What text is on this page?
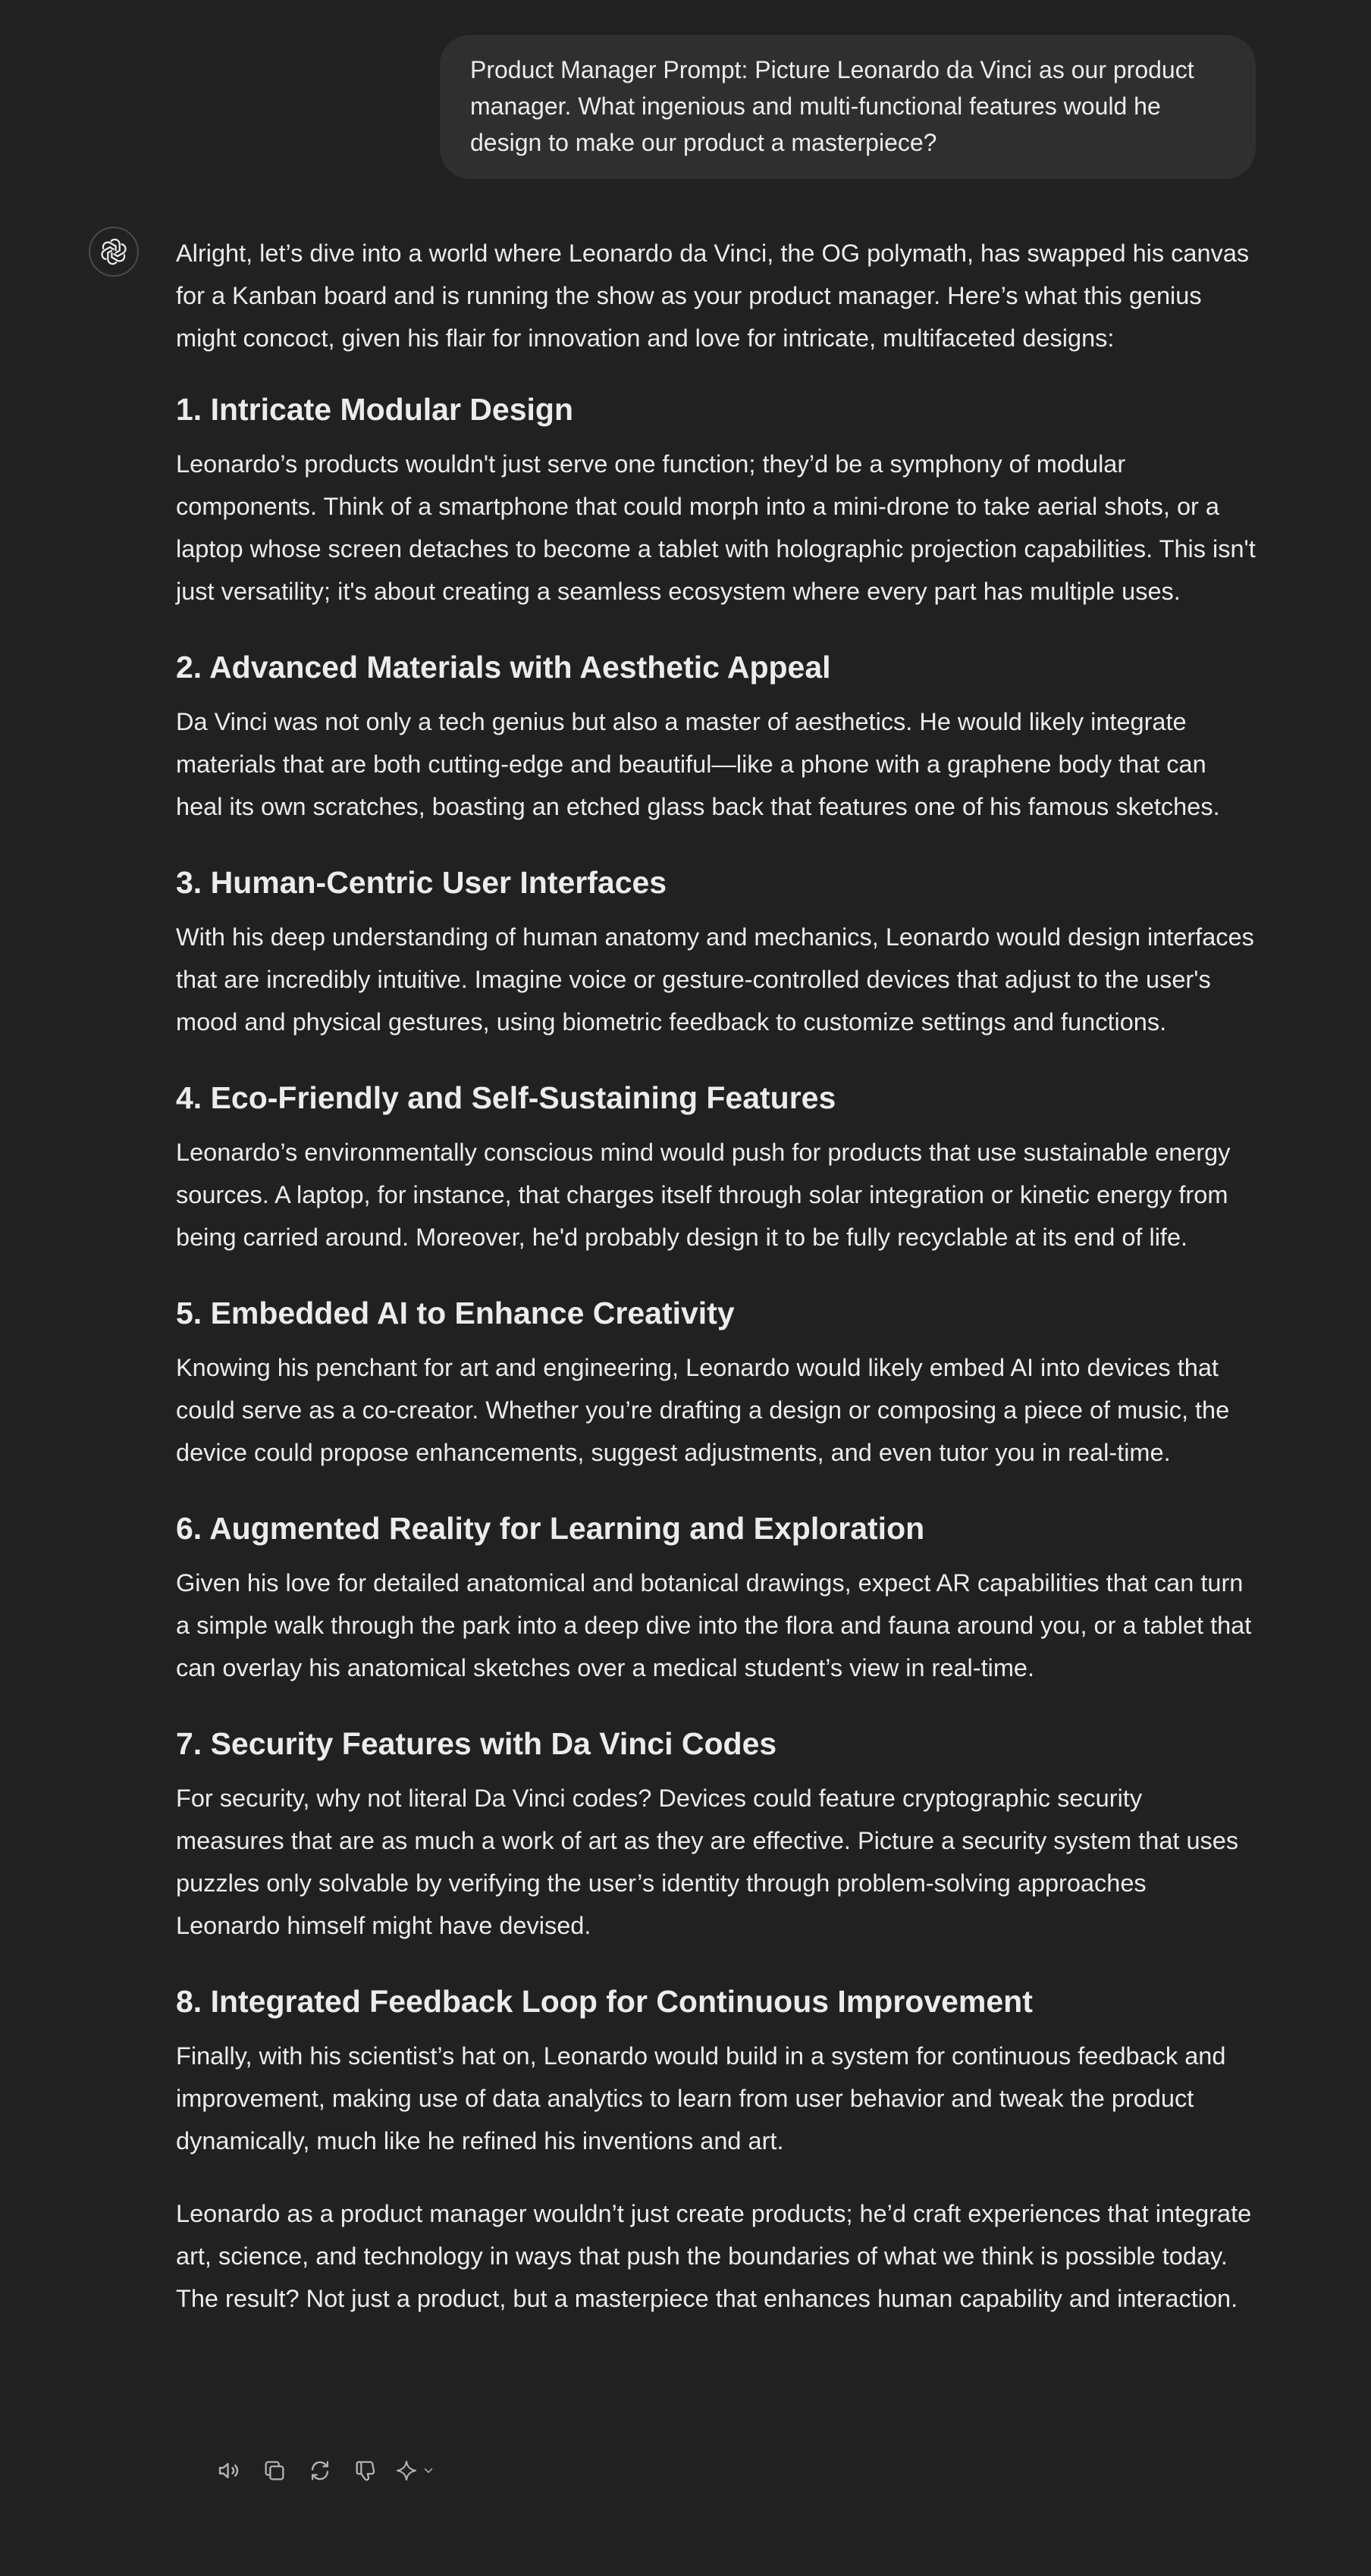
Product Manager Prompt: Picture Leonardo da Vinci as our product manager. What ingenious and multi-functional features would he design to make our product a masterpiece?

Alright, let’s dive into a world where Leonardo da Vinci, the OG polymath, has swapped his canvas for a Kanban board and is running the show as your product manager. Here’s what this genius might concoct, given his flair for innovation and love for intricate, multifaceted designs:

1. Intricate Modular Design

Leonardo’s products wouldn't just serve one function; they’d be a symphony of modular components. Think of a smartphone that could morph into a mini-drone to take aerial shots, or a laptop whose screen detaches to become a tablet with holographic projection capabilities. This isn't just versatility; it's about creating a seamless ecosystem where every part has multiple uses.

2. Advanced Materials with Aesthetic Appeal

Da Vinci was not only a tech genius but also a master of aesthetics. He would likely integrate materials that are both cutting-edge and beautiful—like a phone with a graphene body that can heal its own scratches, boasting an etched glass back that features one of his famous sketches.

3. Human-Centric User Interfaces

With his deep understanding of human anatomy and mechanics, Leonardo would design interfaces that are incredibly intuitive. Imagine voice or gesture-controlled devices that adjust to the user's mood and physical gestures, using biometric feedback to customize settings and functions.

4. Eco-Friendly and Self-Sustaining Features

Leonardo’s environmentally conscious mind would push for products that use sustainable energy sources. A laptop, for instance, that charges itself through solar integration or kinetic energy from being carried around. Moreover, he'd probably design it to be fully recyclable at its end of life.

5. Embedded AI to Enhance Creativity

Knowing his penchant for art and engineering, Leonardo would likely embed AI into devices that could serve as a co-creator. Whether you’re drafting a design or composing a piece of music, the device could propose enhancements, suggest adjustments, and even tutor you in real-time.

6. Augmented Reality for Learning and Exploration

Given his love for detailed anatomical and botanical drawings, expect AR capabilities that can turn a simple walk through the park into a deep dive into the flora and fauna around you, or a tablet that can overlay his anatomical sketches over a medical student’s view in real-time.

7. Security Features with Da Vinci Codes

For security, why not literal Da Vinci codes? Devices could feature cryptographic security measures that are as much a work of art as they are effective. Picture a security system that uses puzzles only solvable by verifying the user’s identity through problem-solving approaches Leonardo himself might have devised.

8. Integrated Feedback Loop for Continuous Improvement

Finally, with his scientist’s hat on, Leonardo would build in a system for continuous feedback and improvement, making use of data analytics to learn from user behavior and tweak the product dynamically, much like he refined his inventions and art.

Leonardo as a product manager wouldn’t just create products; he’d craft experiences that integrate art, science, and technology in ways that push the boundaries of what we think is possible today. The result? Not just a product, but a masterpiece that enhances human capability and interaction.
